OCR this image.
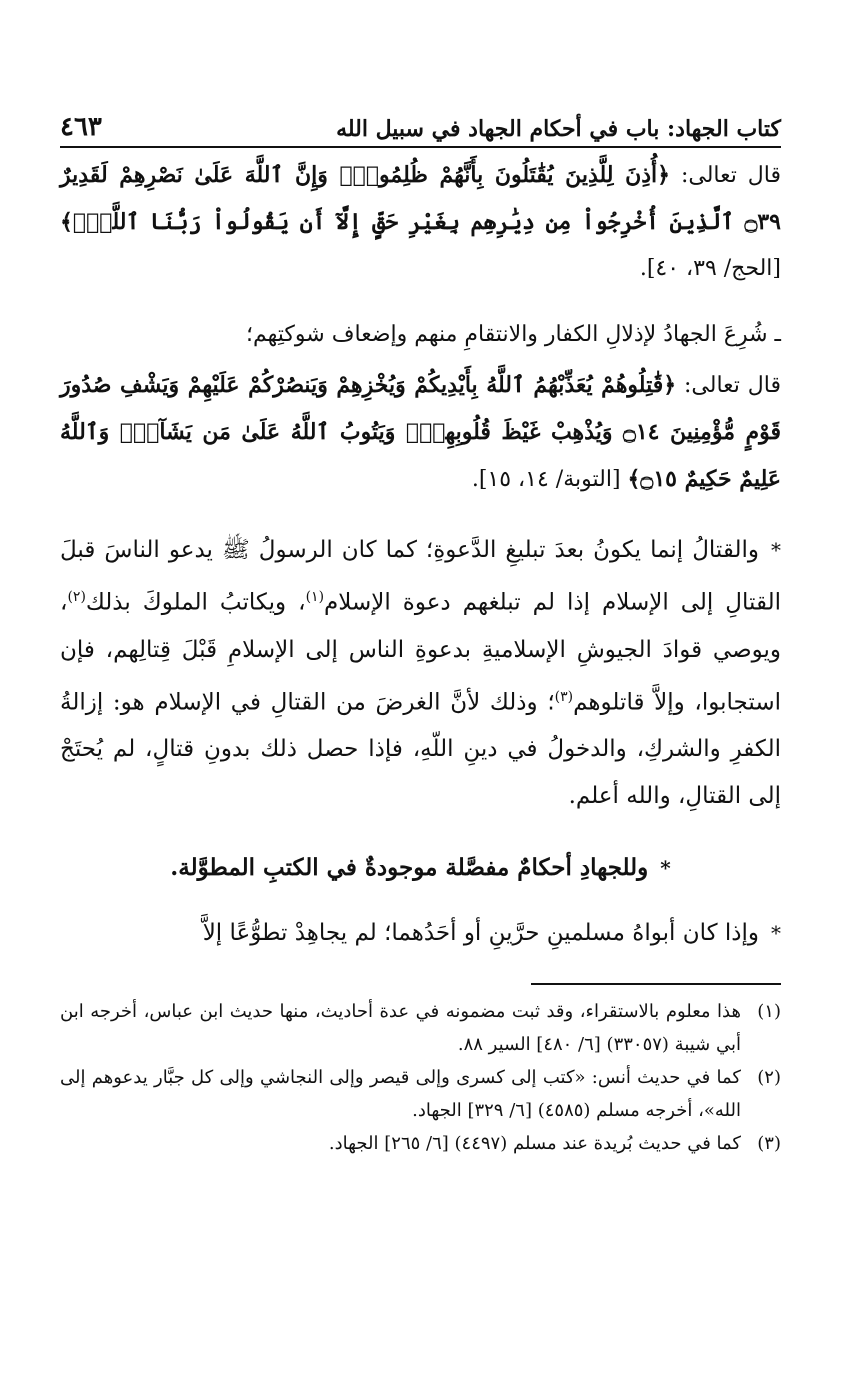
كتاب الجهاد: باب في أحكام الجهاد في سبيل الله
٤٦٣

قال تعالى: ﴿أُذِنَ لِلَّذِينَ يُقَٰتَلُونَ بِأَنَّهُمْ ظُلِمُواْۚ وَإِنَّ ٱللَّهَ عَلَىٰ نَصْرِهِمْ لَقَدِيرٌ ۝٣٩ ٱلَّذِينَ أُخْرِجُواْ مِن دِيَٰرِهِم بِغَيْرِ حَقٍّ إِلَّآ أَن يَقُولُواْ رَبُّنَا ٱللَّهُۗ﴾ [الحج/ ٣٩، ٤٠].

ـ شُرِعَ الجهادُ لإذلالِ الكفار والانتقامِ منهم وإضعاف شوكتِهم؛

قال تعالى: ﴿قَٰتِلُوهُمْ يُعَذِّبْهُمُ ٱللَّهُ بِأَيْدِيكُمْ وَيُخْزِهِمْ وَيَنصُرْكُمْ عَلَيْهِمْ وَيَشْفِ صُدُورَ قَوْمٍ مُّؤْمِنِينَ ۝١٤ وَيُذْهِبْ غَيْظَ قُلُوبِهِمْۗ وَيَتُوبُ ٱللَّهُ عَلَىٰ مَن يَشَآءُۗ وَٱللَّهُ عَلِيمٌ حَكِيمٌ ۝١٥﴾ [التوبة/ ١٤، ١٥].

*والقتالُ إنما يكونُ بعدَ تبليغِ الدَّعوةِ؛ كما كان الرسولُ ﷺ يدعو الناسَ قبلَ القتالِ إلى الإسلام إذا لم تبلغهم دعوة الإسلام$^{(١)}$، ويكاتبُ الملوكَ بذلك$^{(٢)}$، ويوصي قوادَ الجيوشِ الإسلاميةِ بدعوةِ الناس إلى الإسلامِ قَبْلَ قِتالِهم، فإن استجابوا، وإلاَّ قاتلوهم$^{(٣)}$؛ وذلك لأنَّ الغرضَ من القتالِ في الإسلام هو: إزالةُ الكفرِ والشركِ، والدخولُ في دينِ اللّهِ، فإذا حصل ذلك بدونِ قتالٍ، لم يُحتَجْ إلى القتالِ، والله أعلم.

*وللجهادِ أحكامٌ مفصَّلة موجودةٌ في الكتبِ المطوَّلة.

*وإذا كان أبواهُ مسلمينِ حرَّينِ أو أحَدُهما؛ لم يجاهِدْ تطوُّعًا إلاَّ

(١)
هذا معلوم بالاستقراء، وقد ثبت مضمونه في عدة أحاديث، منها حديث ابن عباس، أخرجه ابن أبي شيبة (٣٣٠٥٧) [٦/ ٤٨٠] السير ٨٨.
(٢)
كما في حديث أنس: «كتب إلى كسرى وإلى قيصر وإلى النجاشي وإلى كل جبَّار يدعوهم إلى الله»، أخرجه مسلم (٤٥٨٥) [٦/ ٣٢٩] الجهاد.
(٣)
كما في حديث بُريدة عند مسلم (٤٤٩٧) [٦/ ٢٦٥] الجهاد.
